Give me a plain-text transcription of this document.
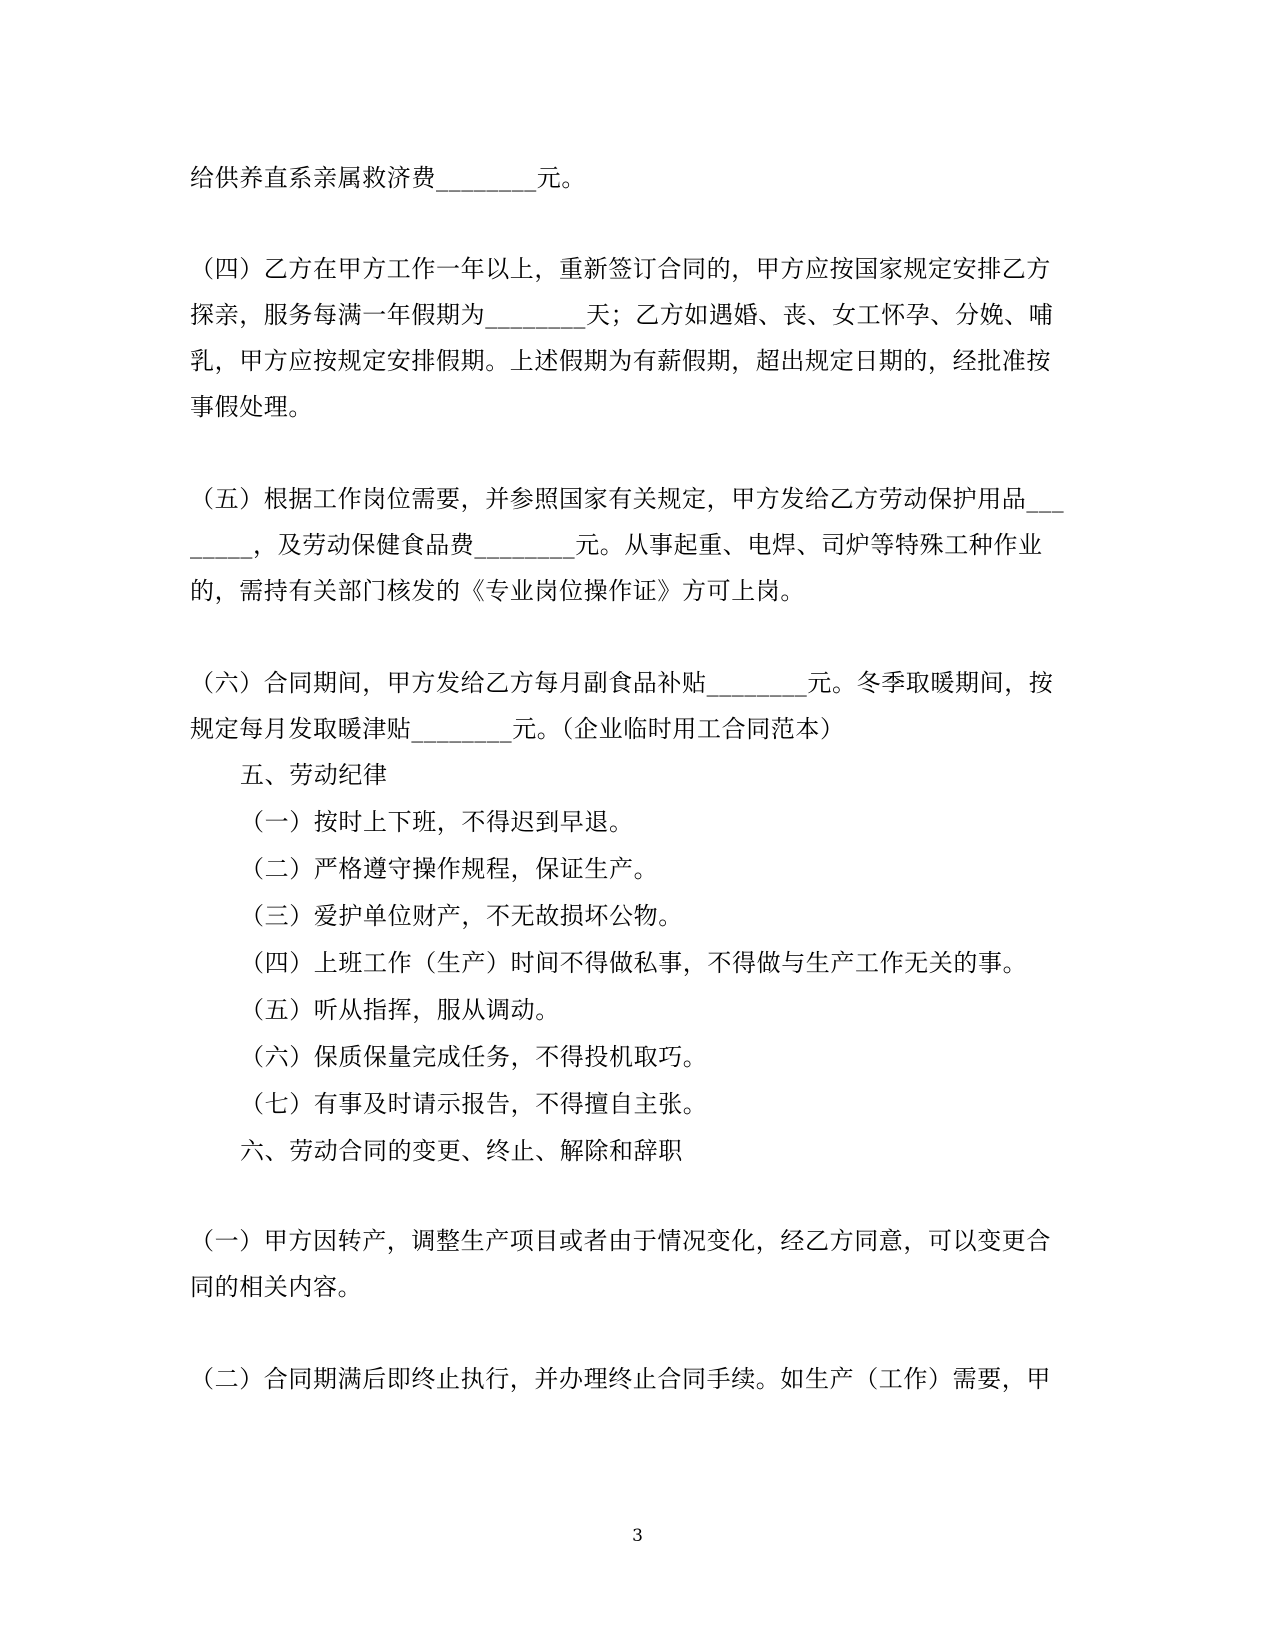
给供养直系亲属救济费________元。
（四）乙方在甲方工作一年以上，重新签订合同的，甲方应按国家规定安排乙方
探亲，服务每满一年假期为________天；乙方如遇婚、丧、女工怀孕、分娩、哺
乳，甲方应按规定安排假期。上述假期为有薪假期，超出规定日期的，经批准按
事假处理。
（五）根据工作岗位需要，并参照国家有关规定，甲方发给乙方劳动保护用品___
_____，及劳动保健食品费________元。从事起重、电焊、司炉等特殊工种作业
的，需持有关部门核发的《专业岗位操作证》方可上岗。
（六）合同期间，甲方发给乙方每月副食品补贴________元。冬季取暖期间，按
规定每月发取暖津贴________元。（企业临时用工合同范本）
五、劳动纪律
（一）按时上下班，不得迟到早退。
（二）严格遵守操作规程，保证生产。
（三）爱护单位财产，不无故损坏公物。
（四）上班工作（生产）时间不得做私事，不得做与生产工作无关的事。
（五）听从指挥，服从调动。
（六）保质保量完成任务，不得投机取巧。
（七）有事及时请示报告，不得擅自主张。
六、劳动合同的变更、终止、解除和辞职
（一）甲方因转产，调整生产项目或者由于情况变化，经乙方同意，可以变更合
同的相关内容。
（二）合同期满后即终止执行，并办理终止合同手续。如生产（工作）需要，甲
3
